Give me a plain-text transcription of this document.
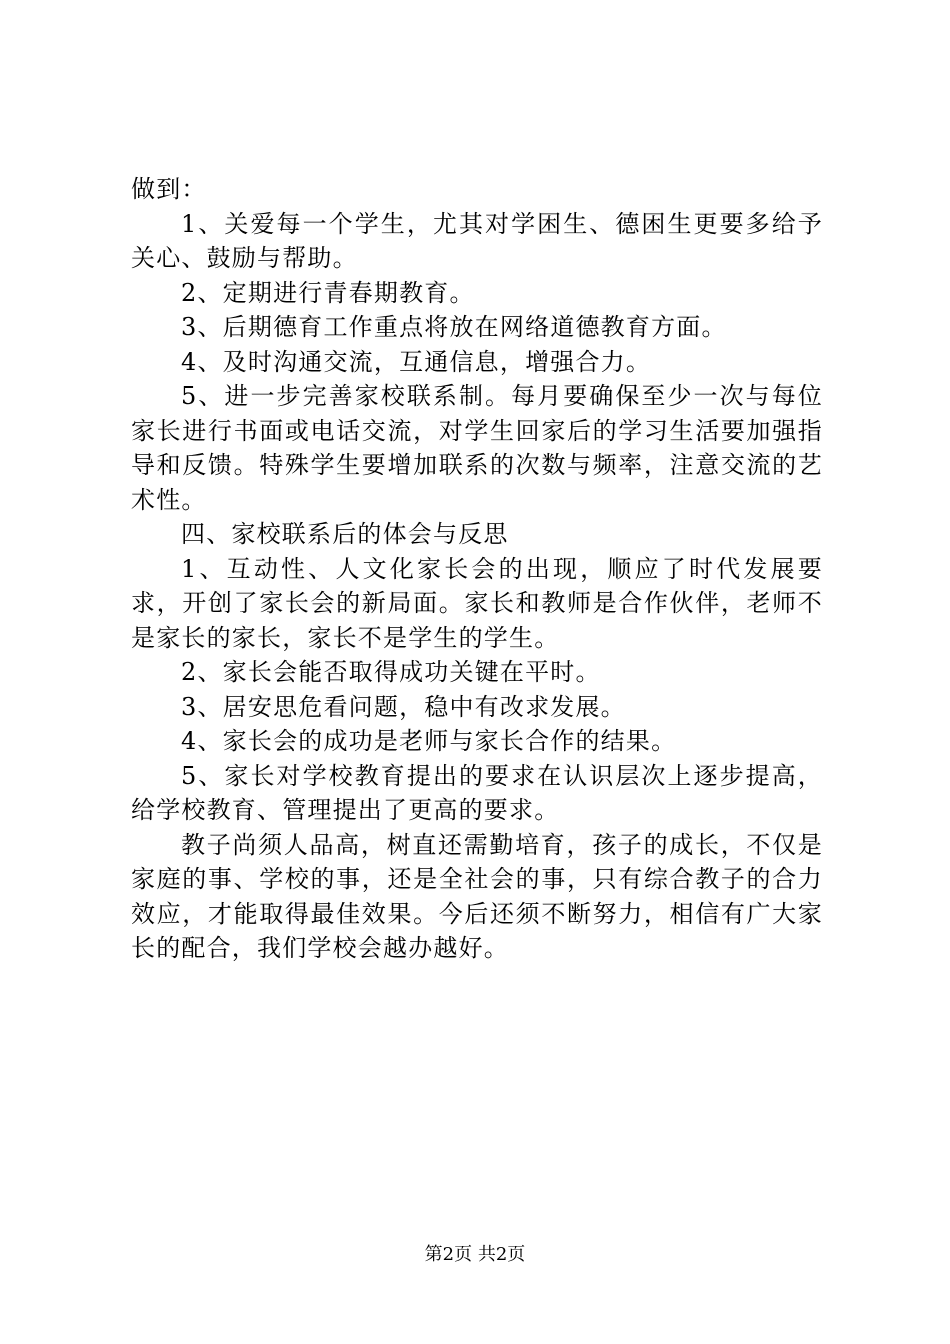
做到：

1、关爱每一个学生，尤其对学困生、德困生更要多给予关心、鼓励与帮助。

2、定期进行青春期教育。

3、后期德育工作重点将放在网络道德教育方面。

4、及时沟通交流，互通信息，增强合力。

5、进一步完善家校联系制。每月要确保至少一次与每位家长进行书面或电话交流，对学生回家后的学习生活要加强指导和反馈。特殊学生要增加联系的次数与频率，注意交流的艺术性。

四、家校联系后的体会与反思

1、互动性、人文化家长会的出现，顺应了时代发展要求，开创了家长会的新局面。家长和教师是合作伙伴，老师不是家长的家长，家长不是学生的学生。

2、家长会能否取得成功关键在平时。

3、居安思危看问题，稳中有改求发展。

4、家长会的成功是老师与家长合作的结果。

5、家长对学校教育提出的要求在认识层次上逐步提高，给学校教育、管理提出了更高的要求。

教子尚须人品高，树直还需勤培育，孩子的成长，不仅是家庭的事、学校的事，还是全社会的事，只有综合教子的合力效应，才能取得最佳效果。今后还须不断努力，相信有广大家长的配合，我们学校会越办越好。

第2页 共2页
